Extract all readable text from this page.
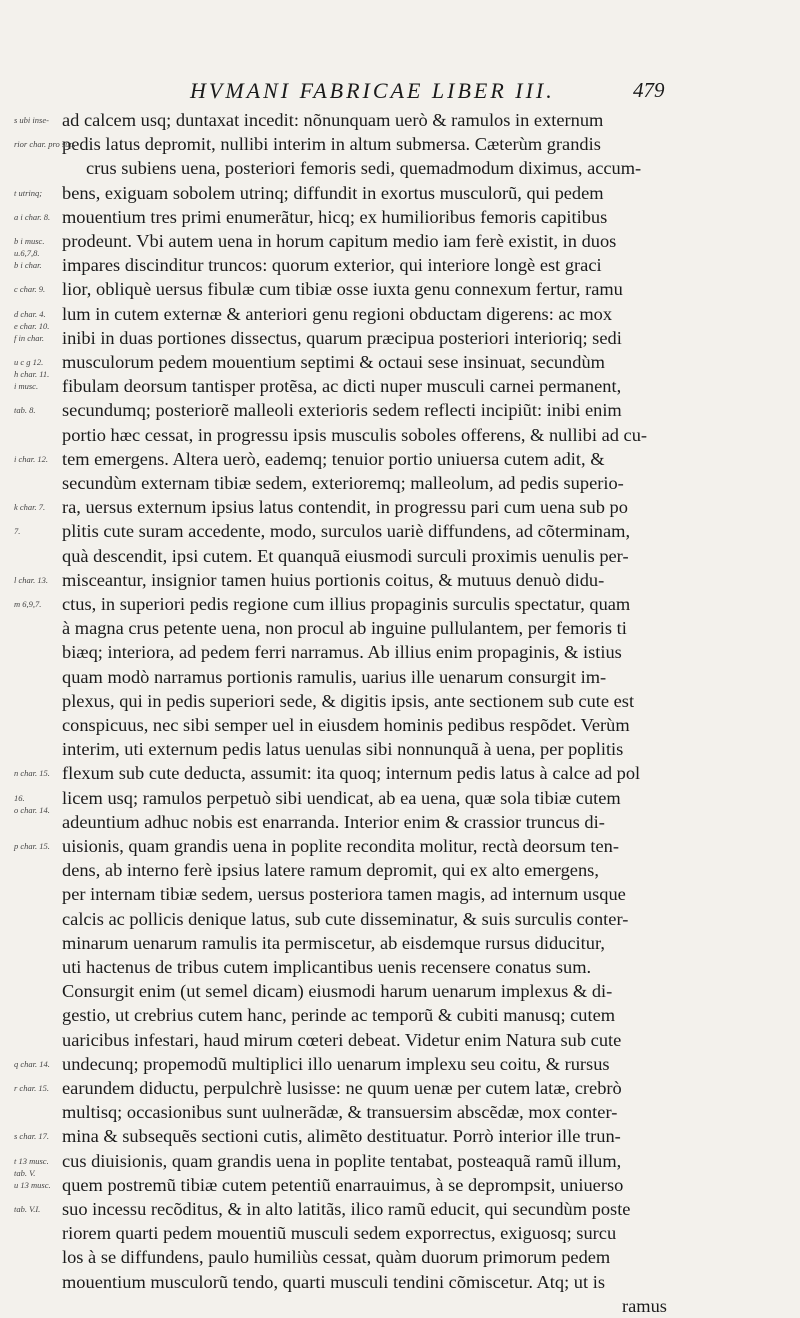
HVMANI FABRICAE LIBER III.	479
ad calcem usq; duntaxat incedit: nõnunquam uerò & ramulos in externum
pedis latus depromit, nullibi interim in altum submersa. Cæterùm grandis
crus subiens uena, posteriori femoris sedi, quemadmodum diximus, accum-
bens, exiguam sobolem utrinq; diffundit in exortus musculorũ, qui pedem
mouentium tres primi enumerãtur, hicq; ex humilioribus femoris capitibus
prodeunt. Vbi autem uena in horum capitum medio iam ferè existit, in duos
impares discinditur truncos: quorum exterior, qui interiore longè est graci
lior, obliquè uersus fibulæ cum tibiæ osse iuxta genu connexum fertur, ramu
lum in cutem externæ & anteriori genu regioni obductam digerens: ac mox
inibi in duas portiones dissectus, quarum præcipua posteriori interioriq; sedi
musculorum pedem mouentium septimi & octaui sese insinuat, secundùm
fibulam deorsum tantisper protẽsa, ac dicti nuper musculi carnei permanent,
secundumq; posteriorẽ malleoli exterioris sedem reflecti incipiũt: inibi enim
portio hæc cessat, in progressu ipsis musculis soboles offerens, & nullibi ad cu-
tem emergens. Altera uerò, eademq; tenuior portio uniuersa cutem adit, &
secundùm externam tibiæ sedem, exterioremq; malleolum, ad pedis superio-
ra, uersus externum ipsius latus contendit, in progressu pari cum uena sub po
plitis cute suram accedente, modo, surculos uariè diffundens, ad cõterminam,
quà descendit, ipsi cutem. Et quanquã eiusmodi surculi proximis uenulis per-
misceantur, insignior tamen huius portionis coitus, & mutuus denuò didu-
ctus, in superiori pedis regione cum illius propaginis surculis spectatur, quam
à magna crus petente uena, non procul ab inguine pullulantem, per femoris ti
biæq; interiora, ad pedem ferri narramus. Ab illius enim propaginis, & istius
quam modò narramus portionis ramulis, uarius ille uenarum consurgit im-
plexus, qui in pedis superiori sede, & digitis ipsis, ante sectionem sub cute est
conspicuus, nec sibi semper uel in eiusdem hominis pedibus respõdet. Verùm
interim, uti externum pedis latus uenulas sibi nonnunquã à uena, per poplitis
flexum sub cute deducta, assumit: ita quoq; internum pedis latus à calce ad pol
licem usq; ramulos perpetuò sibi uendicat, ab ea uena, quæ sola tibiæ cutem
adeuntium adhuc nobis est enarranda. Interior enim & crassior truncus di-
uisionis, quam grandis uena in poplite recondita molitur, rectà deorsum ten-
dens, ab interno ferè ipsius latere ramum depromit, qui ex alto emergens,
per internam tibiæ sedem, uersus posteriora tamen magis, ad internum usque
calcis ac pollicis denique latus, sub cute disseminatur, & suis surculis conter-
minarum uenarum ramulis ita permiscetur, ab eisdemque rursus diducitur,
uti hactenus de tribus cutem implicantibus uenis recensere conatus sum.
Consurgit enim (ut semel dicam) eiusmodi harum uenarum implexus & di-
gestio, ut crebrius cutem hanc, perinde ac temporũ & cubiti manusq; cutem
uaricibus infestari, haud mirum cœteri debeat. Videtur enim Natura sub cute
undecunq; propemodũ multiplici illo uenarum implexu seu coitu, & rursus
earundem diductu, perpulchrè lusisse: ne quum uenæ per cutem latæ, crebrò
multisq; occasionibus sunt uulnerãdæ, & transuersim abscẽdæ, mox conter-
mina & subsequẽs sectioni cutis, alimẽto destituatur. Porrò interior ille trun-
cus diuisionis, quam grandis uena in poplite tentabat, posteaquã ramũ illum,
quem postremũ tibiæ cutem petentiũ enarrauimus, à se deprompsit, uniuerso
suo incessu recõditus, & in alto latitãs, ilico ramũ educit, qui secundùm poste
riorem quarti pedem mouentiũ musculi sedem exporrectus, exiguosq; surcu
los à se diffundens, paulo humiliùs cessat, quàm duorum primorum pedem
mouentium musculorũ tendo, quarti musculi tendini cõmiscetur. Atq; ut is
ramus
s ubi inse-
rior char. pro sup.
t utrinq;
a i char. 8.
b i musc.
u.6,7,8.
b i char.
c char. 9.
d char. 4.
e char. 10.
f in char.
u c g 12.
h char. 11.
i musc.
tab. 8.
i char. 12.
k char. 7.
7.
l char. 13.
m 6,9,7.
n char. 15.
16.
o char. 14.
p char. 15.
q char. 14.
r char. 15.
s char. 17.
t 13 musc.
tab. V.
u 13 musc.
tab. V.I.
